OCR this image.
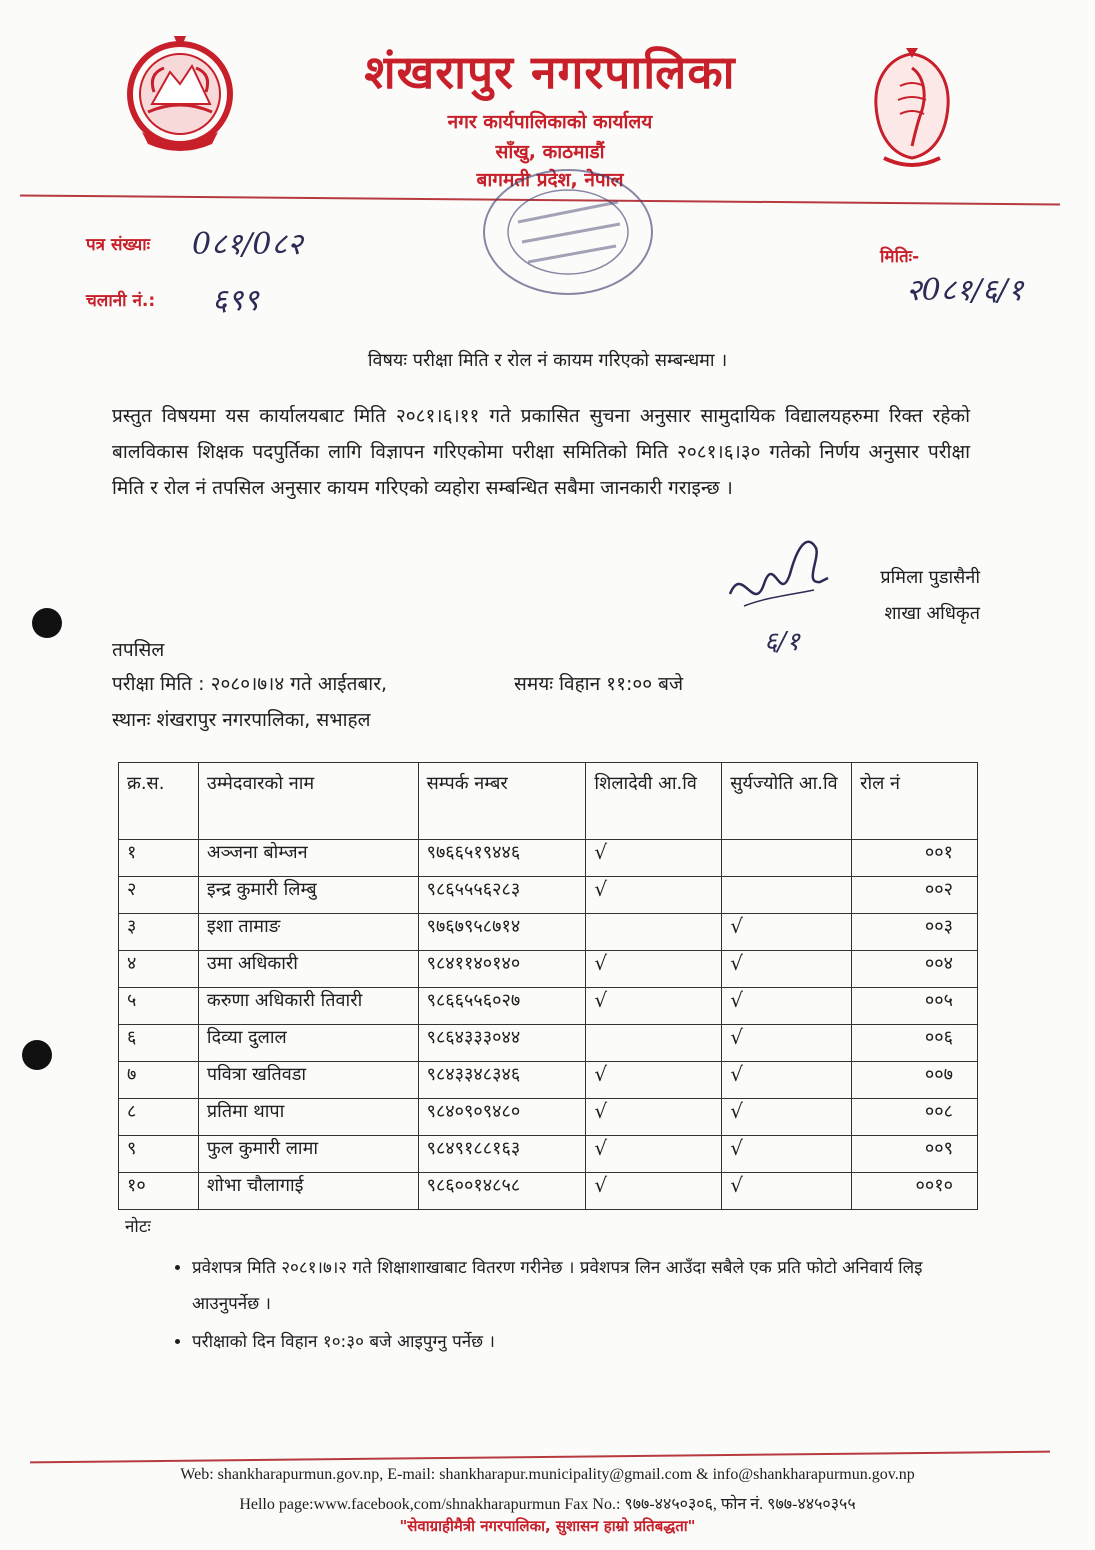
शंखरापुर नगरपालिका
नगर कार्यपालिकाको कार्यालय
साँखु, काठमाडौं
बागमती प्रदेश, नेपाल
पत्र संख्याः 0८१/0८२
चलानी नं.: ६९९
मितिः-
२0८१/६/१
विषयः परीक्षा मिति र रोल नं कायम गरिएको सम्बन्धमा ।
प्रस्तुत विषयमा यस कार्यालयबाट मिति २०८१।६।११ गते प्रकासित सुचना अनुसार सामुदायिक विद्यालयहरुमा रिक्त रहेको बालविकास शिक्षक पदपुर्तिका लागि विज्ञापन गरिएकोमा परीक्षा समितिको मिति २०८१।६।३० गतेको निर्णय अनुसार परीक्षा मिति र रोल नं तपसिल अनुसार कायम गरिएको व्यहोरा सम्बन्धित सबैमा जानकारी गराइन्छ ।
६/१
प्रमिला पुडासैनी
शाखा अधिकृत
तपसिल
परीक्षा मिति : २०८०।७।४ गते आईतबार,	समयः विहान ११:०० बजे
स्थानः शंखरापुर नगरपालिका, सभाहल
क्र.स.	उम्मेदवारको नाम	सम्पर्क नम्बर	शिलादेवी आ.वि	सुर्यज्योति आ.वि	रोल नं
१	अञ्जना बोम्जन	९७६६५१९४४६	√		००१
२	इन्द्र कुमारी लिम्बु	९८६५५५६२८३	√		००२
३	इशा तामाङ	९७६७९५८७१४		√	००३
४	उमा अधिकारी	९८४११४०१४०	√	√	००४
५	करुणा अधिकारी तिवारी	९८६६५५६०२७	√	√	००५
६	दिव्या दुलाल	९८६४३३३०४४		√	००६
७	पवित्रा खतिवडा	९८४३३४८३४६	√	√	००७
८	प्रतिमा थापा	९८४०९०९४८०	√	√	००८
९	फुल कुमारी लामा	९८४९१८८१६३	√	√	००९
१०	शोभा चौलागाई	९८६००१४८५८	√	√	००१०
नोटः
• प्रवेशपत्र मिति २०८१।७।२ गते शिक्षाशाखाबाट वितरण गरीनेछ । प्रवेशपत्र लिन आउँदा सबैले एक प्रति फोटो अनिवार्य लिइ आउनुपर्नेछ ।
• परीक्षाको दिन विहान १०:३० बजे आइपुग्नु पर्नेछ ।
Web: shankharapurmun.gov.np, E-mail: shankharapur.municipality@gmail.com & info@shankharapurmun.gov.np
Hello page:www.facebook,com/shnakharapurmun Fax No.: ९७७-४४५०३०६, फोन नं. ९७७-४४५०३५५
"सेवाग्राहीमैत्री नगरपालिका, सुशासन हाम्रो प्रतिबद्धता"
